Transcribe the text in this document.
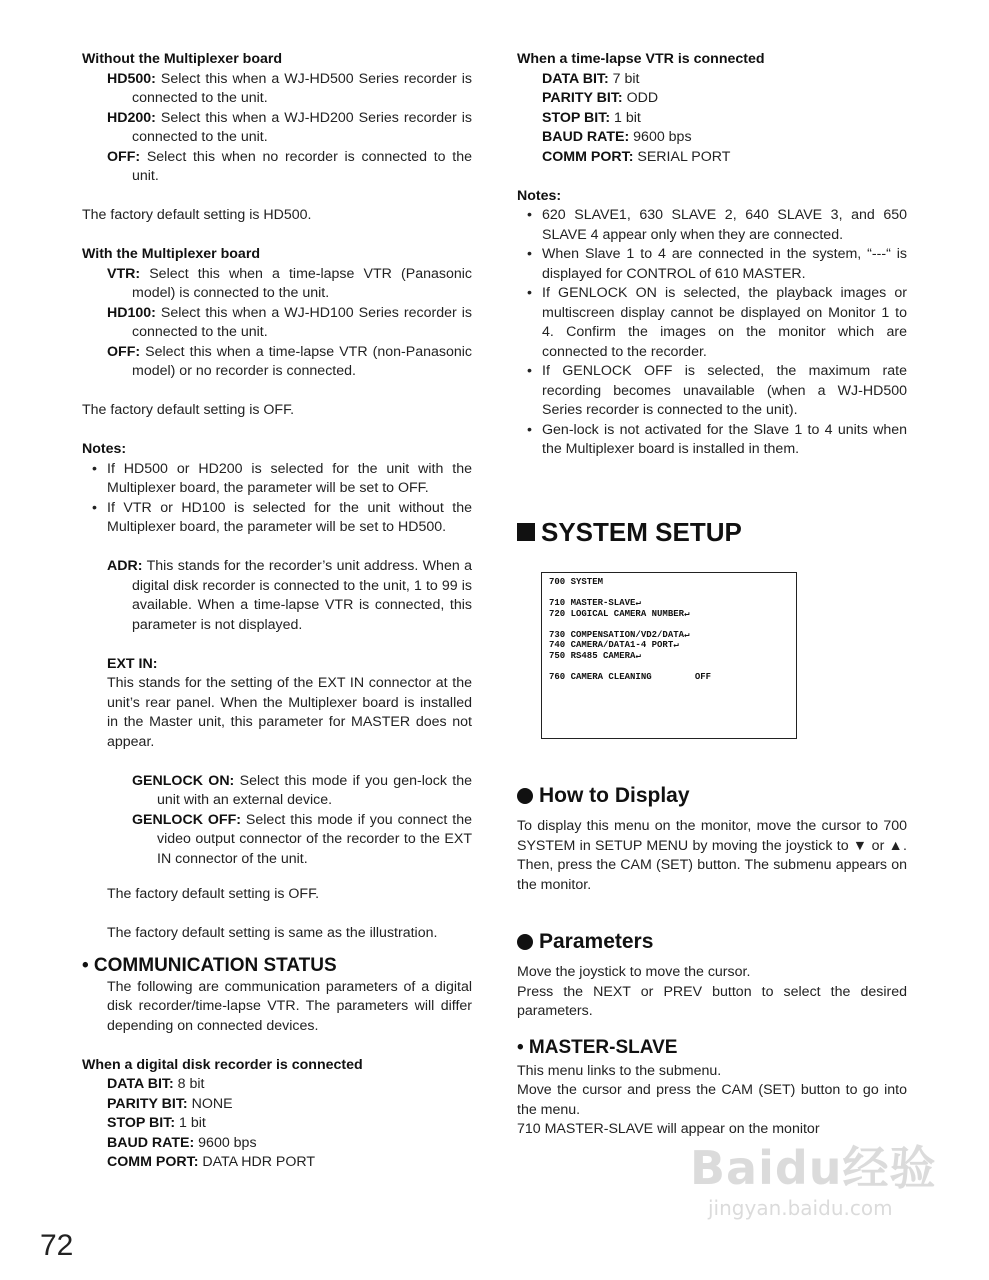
Without the Multiplexer board

HD500: Select this when a WJ-HD500 Series recorder is connected to the unit.

HD200: Select this when a WJ-HD200 Series recorder is connected to the unit.

OFF: Select this when no recorder is connected to the unit.

The factory default setting is HD500.

With the Multiplexer board

VTR: Select this when a time-lapse VTR (Panasonic model) is connected to the unit.

HD100: Select this when a WJ-HD100 Series recorder is connected to the unit.

OFF: Select this when a time-lapse VTR (non-Panasonic model) or no recorder is connected.

The factory default setting is OFF.

Notes:
• If HD500 or HD200 is selected for the unit with the Multiplexer board, the parameter will be set to OFF.
• If VTR or HD100 is selected for the unit without the Multiplexer board, the parameter will be set to HD500.

ADR: This stands for the recorder’s unit address. When a digital disk recorder is connected to the unit, 1 to 99 is available. When a time-lapse VTR is connected, this parameter is not displayed.

EXT IN:

This stands for the setting of the EXT IN connector at the unit’s rear panel. When the Multiplexer board is installed in the Master unit, this parameter for MASTER does not appear.

GENLOCK ON: Select this mode if you gen-lock the unit with an external device.

GENLOCK OFF: Select this mode if you connect the video output connector of the recorder to the EXT IN connector of the unit.

The factory default setting is OFF.

The factory default setting is same as the illustration.

• COMMUNICATION STATUS

The following are communication parameters of a digital disk recorder/time-lapse VTR. The parameters will differ depending on connected devices.

When a digital disk recorder is connected
DATA BIT: 8 bit
PARITY BIT: NONE
STOP BIT: 1 bit
BAUD RATE: 9600 bps
COMM PORT: DATA HDR PORT
When a time-lapse VTR is connected
DATA BIT: 7 bit
PARITY BIT: ODD
STOP BIT: 1 bit
BAUD RATE: 9600 bps
COMM PORT: SERIAL PORT
Notes:
• 620 SLAVE1, 630 SLAVE 2, 640 SLAVE 3, and 650 SLAVE 4 appear only when they are connected.
• When Slave 1 to 4 are connected in the system, “---“ is displayed for CONTROL of 610 MASTER.
• If GENLOCK ON is selected, the playback images or multiscreen display cannot be displayed on Monitor 1 to 4. Confirm the images on the monitor which are connected to the recorder.
• If GENLOCK OFF is selected, the maximum rate recording becomes unavailable (when a WJ-HD500 Series recorder is connected to the unit).
• Gen-lock is not activated for the Slave 1 to 4 units when the Multiplexer board is installed in them.
SYSTEM SETUP
700 SYSTEM
710 MASTER-SLAVE↵
720 LOGICAL CAMERA NUMBER↵
730 COMPENSATION/VD2/DATA↵
740 CAMERA/DATA1-4 PORT↵
750 RS485 CAMERA↵
760 CAMERA CLEANING        OFF
How to Display

To display this menu on the monitor, move the cursor to 700 SYSTEM in SETUP MENU by moving the joystick to ▼ or ▲. Then, press the CAM (SET) button. The submenu appears on the monitor.

Parameters

Move the joystick to move the cursor.

Press the NEXT or PREV button to select the desired parameters.

• MASTER-SLAVE

This menu links to the submenu.

Move the cursor and press the CAM (SET) button to go into the menu.

710 MASTER-SLAVE will appear on the monitor

72
Baidu经验
jingyan.baidu.com
